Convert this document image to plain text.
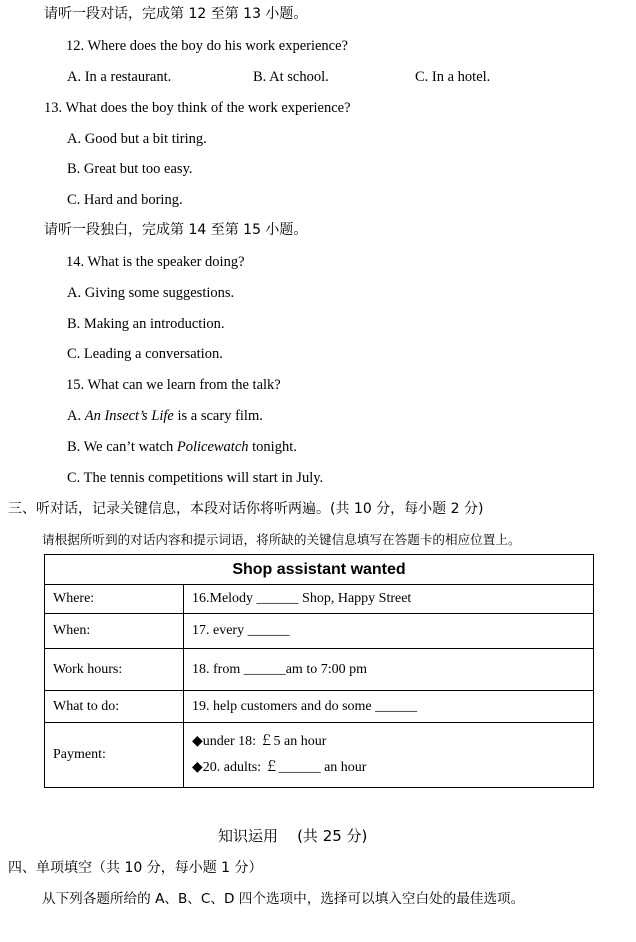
请听一段对话，完成第 12 至第 13 小题。
12. Where does the boy do his work experience?
A. In a restaurant.	B. At school.	C. In a hotel.
13. What does the boy think of the work experience?
A. Good but a bit tiring.
B. Great but too easy.
C. Hard and boring.
请听一段独白，完成第 14 至第 15 小题。
14. What is the speaker doing?
A. Giving some suggestions.
B. Making an introduction.
C. Leading a conversation.
15. What can we learn from the talk?
A. An Insect’s Life is a scary film.
B. We can’t watch Policewatch tonight.
C. The tennis competitions will start in July.
三、听对话，记录关键信息，本段对话你将听两遍。(共 10 分，每小题 2 分)
请根据所听到的对话内容和提示词语，将所缺的关键信息填写在答题卡的相应位置上。
Shop assistant wanted	
Where:	16.Melody ______ Shop, Happy Street
When:	17. every ______
Work hours:	18. from ______am to 7:00 pm
What to do:	19. help customers and do some ______
Payment:	◆under 18: ￡5 an hour
◆20. adults: ￡______ an hour
知识运用    (共 25 分)
四、单项填空（共 10 分，每小题 1 分）
从下列各题所给的 A、B、C、D 四个选项中，选择可以填入空白处的最佳选项。
